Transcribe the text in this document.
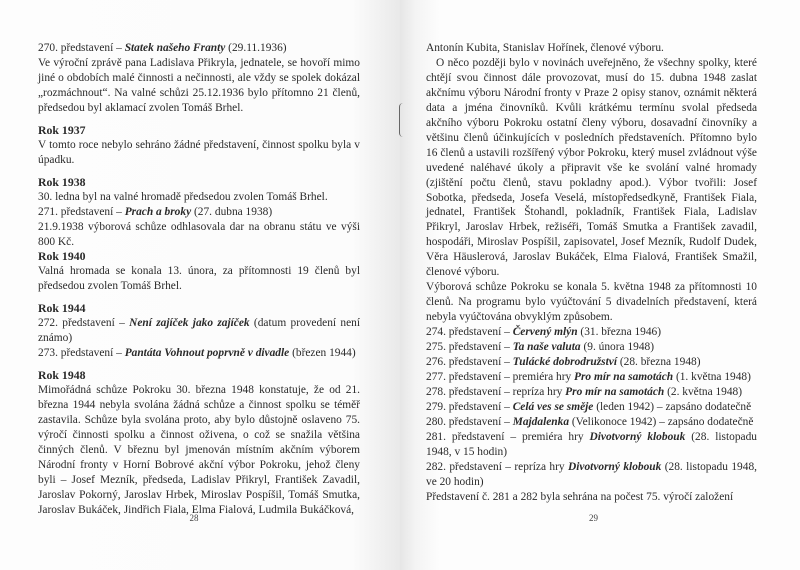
270. představení – Statek našeho Franty (29.11.1936)

Ve výroční zprávě pana Ladislava Přikryla, jednatele, se hovoří mimo jiné o obdobích malé činnosti a nečinnosti, ale vždy se spolek dokázal „rozmáchnout“. Na valné schůzi 25.12.1936 bylo přítomno 21 členů, předsedou byl aklamací zvolen Tomáš Brhel.

Rok 1937

V tomto roce nebylo sehráno žádné představení, činnost spolku byla v úpadku.

Rok 1938

30. ledna byl na valné hromadě předsedou zvolen Tomáš Brhel.

271. představení – Prach a broky (27. dubna 1938)

21.9.1938 výborová schůze odhlasovala dar na obranu státu ve výši 800 Kč.

Rok 1940

Valná hromada se konala 13. února, za přítomnosti 19 členů byl předsedou zvolen Tomáš Brhel.

Rok 1944

272. představení – Není zajíček jako zajíček (datum provedení není známo)

273. představení – Pantáta Vohnout poprvně v divadle (březen 1944)

Rok 1948

Mimořádná schůze Pokroku 30. března 1948 konstatuje, že od 21. března 1944 nebyla svolána žádná schůze a činnost spolku se téměř zastavila. Schůze byla svolána proto, aby bylo důstojně oslaveno 75. výročí činnosti spolku a činnost oživena, o což se snažila většina činných členů. V březnu byl jmenován místním akčním výborem Národní fronty v Horní Bobrové akční výbor Pokroku, jehož členy byli – Josef Mezník, předseda, Ladislav Přikryl, František Zavadil, Jaroslav Pokorný, Jaroslav Hrbek, Miroslav Pospíšil, Tomáš Smutka, Jaroslav Bukáček, Jindřich Fiala, Elma Fialová, Ludmila Bukáčková,

28

Antonín Kubita, Stanislav Hořínek, členové výboru.

O něco později bylo v novinách uveřejněno, že všechny spolky, které chtějí svou činnost dále provozovat, musí do 15. dubna 1948 zaslat akčnímu výboru Národní fronty v Praze 2 opisy stanov, oznámit některá data a jména činovníků. Kvůli krátkému termínu svolal předseda akčního výboru Pokroku ostatní členy výboru, dosavadní činovníky a většinu členů účinkujících v posledních představeních. Přítomno bylo 16 členů a ustavili rozšířený výbor Pokroku, který musel zvládnout výše uvedené naléhavé úkoly a připravit vše ke svolání valné hromady (zjištění počtu členů, stavu pokladny apod.). Výbor tvořili: Josef Sobotka, předseda, Josefa Veselá, místopředsedkyně, František Fiala, jednatel, František Štohandl, pokladník, František Fiala, Ladislav Přikryl, Jaroslav Hrbek, režiséři, Tomáš Smutka a František zavadil, hospodáři, Miroslav Pospíšil, zapisovatel, Josef Mezník, Rudolf Dudek, Věra Häuslerová, Jaroslav Bukáček, Elma Fialová, František Smažil, členové výboru.

Výborová schůze Pokroku se konala 5. května 1948 za přítomnosti 10 členů. Na programu bylo vyúčtování 5 divadelních představení, která nebyla vyúčtována obvyklým způsobem.

274. představení – Červený mlýn (31. března 1946)

275. představení – Ta naše valuta (9. února 1948)

276. představení – Tulácké dobrodružství (28. března 1948)

277. představení – premiéra hry Pro mír na samotách (1. května 1948)

278. představení – repríza hry Pro mír na samotách (2. května 1948)

279. představení – Celá ves se směje (leden 1942) – zapsáno dodatečně

280. představení – Majdalenka (Velikonoce 1942) – zapsáno dodatečně

281. představení – premiéra hry Divotvorný klobouk (28. listopadu 1948, v 15 hodin)

282. představení – repríza hry Divotvorný klobouk (28. listopadu 1948, ve 20 hodin)

Představení č. 281 a 282 byla sehrána na počest 75. výročí založení

29
